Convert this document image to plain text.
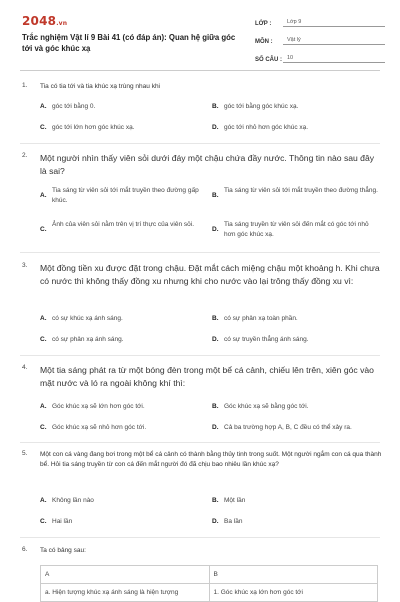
2048.vn
Trắc nghiệm Vật lí 9 Bài 41 (có đáp án): Quan hệ giữa góc tới và góc khúc xạ
LỚP :	Lớp 9
MÔN :	Vật lý
SỐ CÂU : 10
1. Tia có tia tới và tia khúc xạ trùng nhau khi
A. góc tới bằng 0.	B. góc tới bằng góc khúc xạ.
C. góc tới lớn hơn góc khúc xạ.	D. góc tới nhỏ hơn góc khúc xạ.
2. Một người nhìn thấy viên sỏi dưới đáy một chậu chứa đầy nước. Thông tin nào sau đây là sai?
A.
Tia sáng từ viên sỏi tới mắt truyền theo đường gấp khúc.
B.
Tia sáng từ viên sỏi tới mắt truyền theo đường thẳng.
C.
Ảnh của viên sỏi nằm trên vị trí thực của viên sỏi.
D.
Tia sáng truyền từ viên sỏi đến mắt có góc tới nhỏ hơn góc khúc xạ.
3. Một đồng tiền xu được đặt trong chậu. Đặt mắt cách miệng chậu một khoảng h. Khi chưa có nước thì không thấy đồng xu nhưng khi cho nước vào lại trông thấy đồng xu vì:
A. có sự khúc xạ ánh sáng.	B. có sự phản xạ toàn phần.
C. có sự phản xạ ánh sáng.	D. có sự truyền thẳng ánh sáng.
4. Một tia sáng phát ra từ một bóng đèn trong một bể cá cảnh, chiếu lên trên, xiên góc vào mặt nước và ló ra ngoài không khí thì:
A. Góc khúc xạ sẽ lớn hơn góc tới.	B. Góc khúc xạ sẽ bằng góc tới.
C. Góc khúc xạ sẽ nhỏ hơn góc tới.	D. Cả ba trường hợp A, B, C đều có thể xảy ra.
5. Một con cá vàng đang bơi trong một bể cá cảnh có thành bằng thủy tinh trong suốt. Một người ngắm con cá qua thành bể. Hỏi tia sáng truyền từ con cá đến mắt người đó đã chịu bao nhiêu lần khúc xạ?
A. Không lần nào	B. Một lần
C. Hai lần	D. Ba lần
6. Ta có bảng sau:
A	B
a. Hiện tượng khúc xạ ánh sáng là hiện tượng	1. Góc khúc xạ lớn hơn góc tới
